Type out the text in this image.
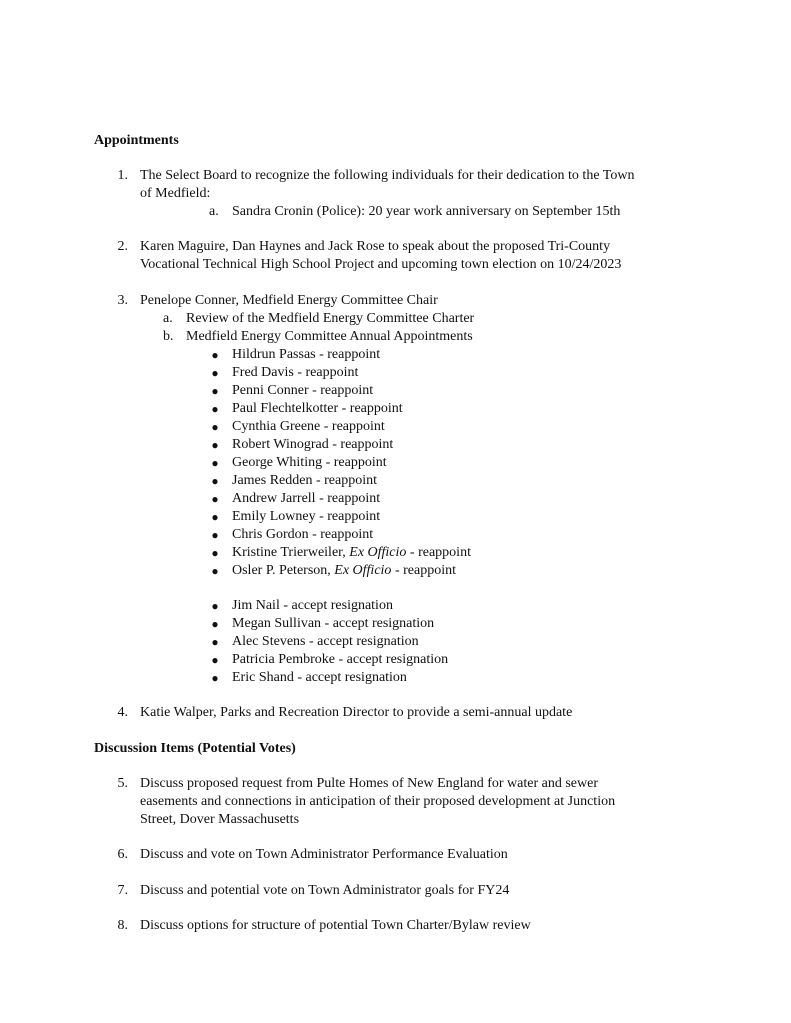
Appointments
1. The Select Board to recognize the following individuals for their dedication to the Town
of Medfield:
a. Sandra Cronin (Police): 20 year work anniversary on September 15th
2. Karen Maguire, Dan Haynes and Jack Rose to speak about the proposed Tri-County
Vocational Technical High School Project and upcoming town election on 10/24/2023
3. Penelope Conner, Medfield Energy Committee Chair
a. Review of the Medfield Energy Committee Charter
b. Medfield Energy Committee Annual Appointments
● Hildrun Passas - reappoint
● Fred Davis - reappoint
● Penni Conner - reappoint
● Paul Flechtelkotter - reappoint
● Cynthia Greene - reappoint
● Robert Winograd - reappoint
● George Whiting - reappoint
● James Redden - reappoint
● Andrew Jarrell - reappoint
● Emily Lowney - reappoint
● Chris Gordon - reappoint
● Kristine Trierweiler, Ex Officio - reappoint
● Osler P. Peterson, Ex Officio - reappoint
● Jim Nail - accept resignation
● Megan Sullivan - accept resignation
● Alec Stevens - accept resignation
● Patricia Pembroke - accept resignation
● Eric Shand - accept resignation
4. Katie Walper, Parks and Recreation Director to provide a semi-annual update
Discussion Items (Potential Votes)
5. Discuss proposed request from Pulte Homes of New England for water and sewer
easements and connections in anticipation of their proposed development at Junction
Street, Dover Massachusetts
6. Discuss and vote on Town Administrator Performance Evaluation
7. Discuss and potential vote on Town Administrator goals for FY24
8. Discuss options for structure of potential Town Charter/Bylaw review
